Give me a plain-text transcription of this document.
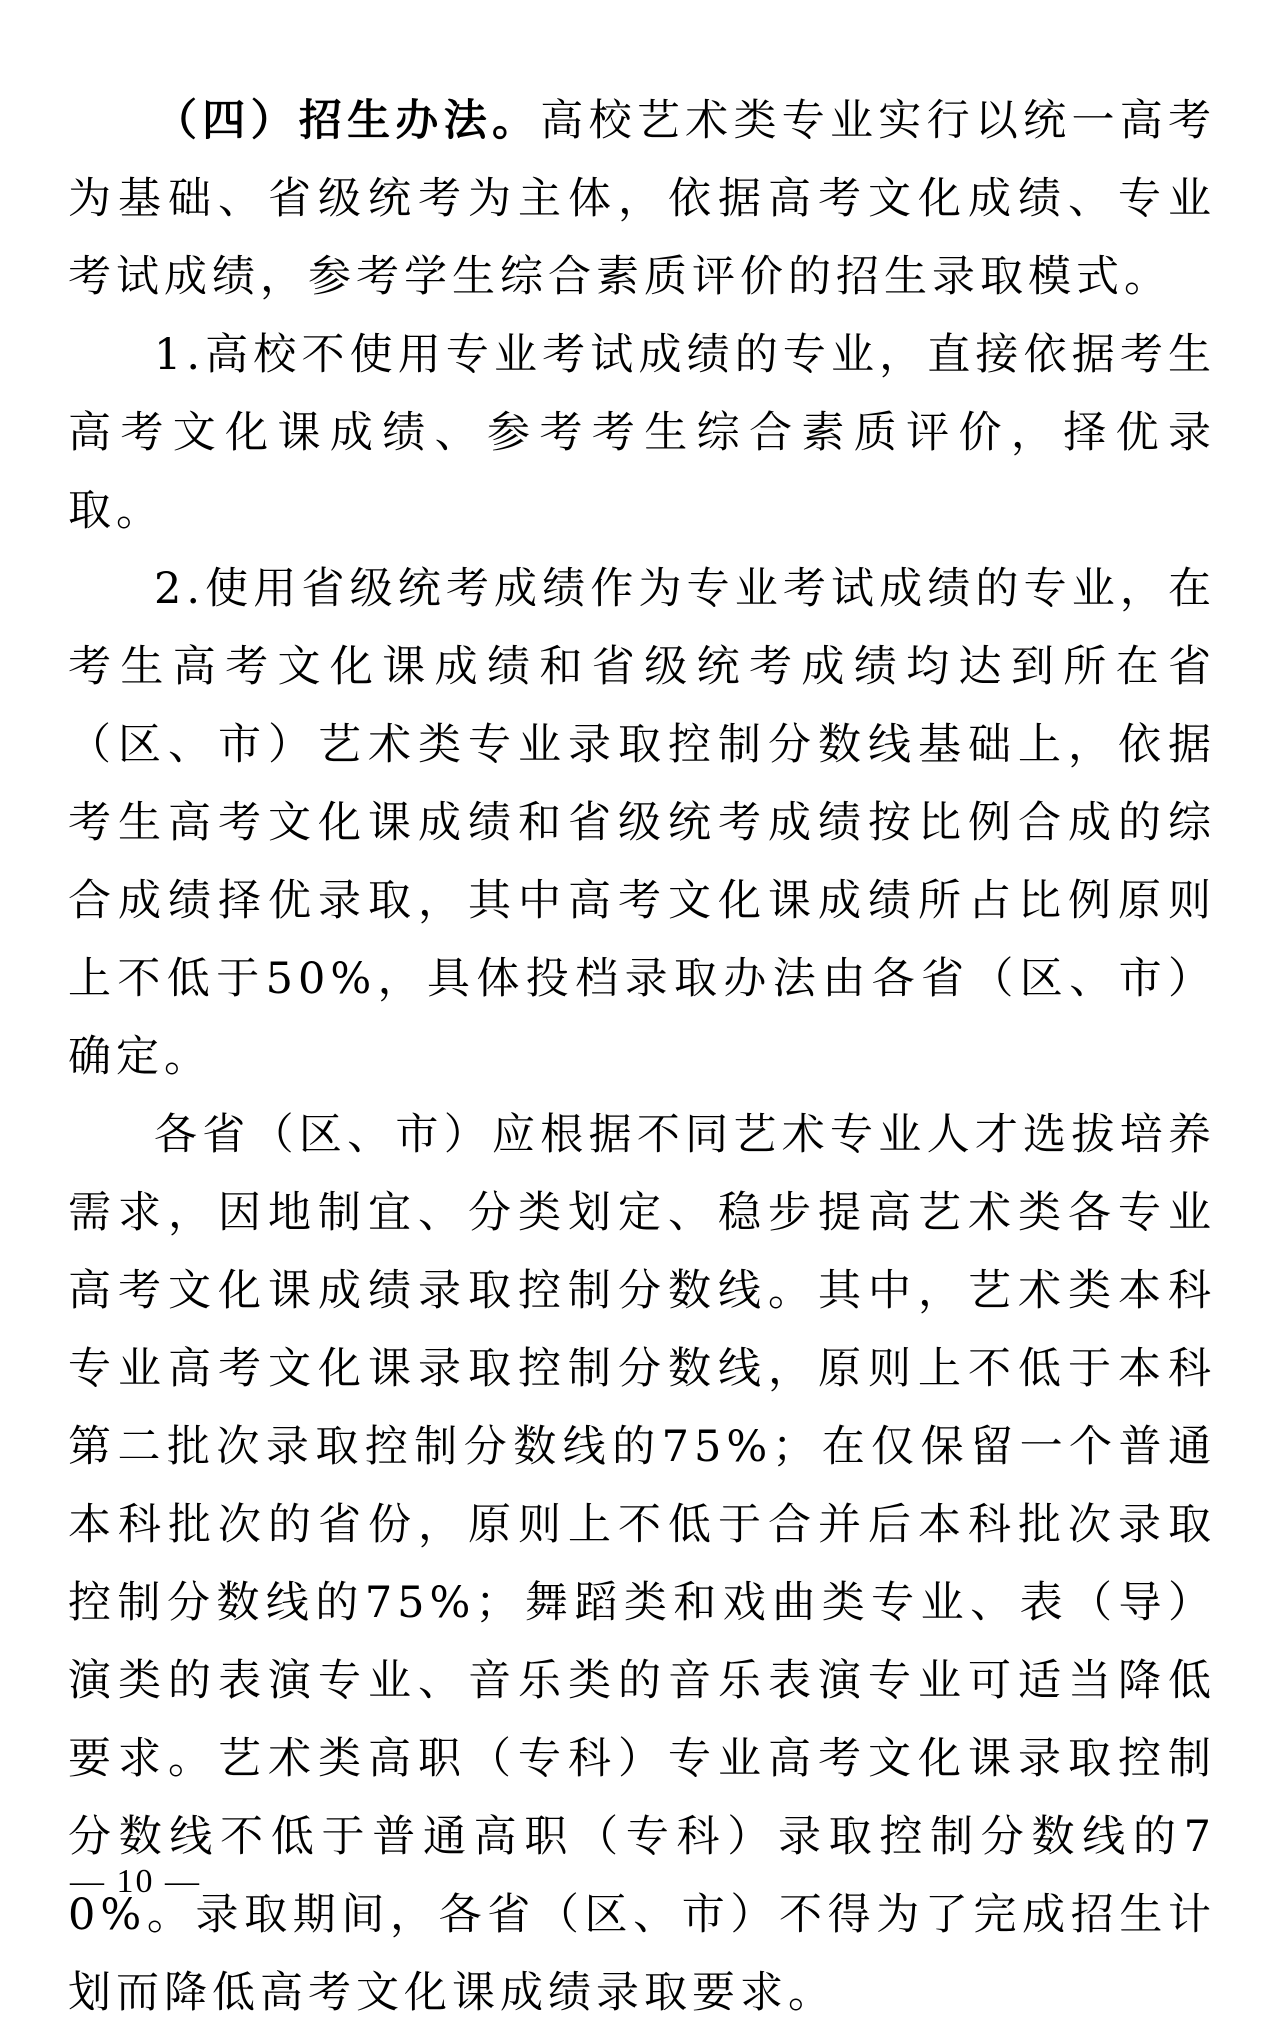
（四）招生办法。高校艺术类专业实行以统一高考为基础、省级统考为主体，依据高考文化成绩、专业考试成绩，参考学生综合素质评价的招生录取模式。

1.高校不使用专业考试成绩的专业，直接依据考生高考文化课成绩、参考考生综合素质评价，择优录取。

2.使用省级统考成绩作为专业考试成绩的专业，在考生高考文化课成绩和省级统考成绩均达到所在省（区、市）艺术类专业录取控制分数线基础上，依据考生高考文化课成绩和省级统考成绩按比例合成的综合成绩择优录取，其中高考文化课成绩所占比例原则上不低于50%，具体投档录取办法由各省（区、市）确定。

各省（区、市）应根据不同艺术专业人才选拔培养需求，因地制宜、分类划定、稳步提高艺术类各专业高考文化课成绩录取控制分数线。其中，艺术类本科专业高考文化课录取控制分数线，原则上不低于本科第二批次录取控制分数线的75%；在仅保留一个普通本科批次的省份，原则上不低于合并后本科批次录取控制分数线的75%；舞蹈类和戏曲类专业、表（导）演类的表演专业、音乐类的音乐表演专业可适当降低要求。艺术类高职（专科）专业高考文化课录取控制分数线不低于普通高职（专科）录取控制分数线的70%。录取期间，各省（区、市）不得为了完成招生计划而降低高考文化课成绩录取要求。

— 10 —
